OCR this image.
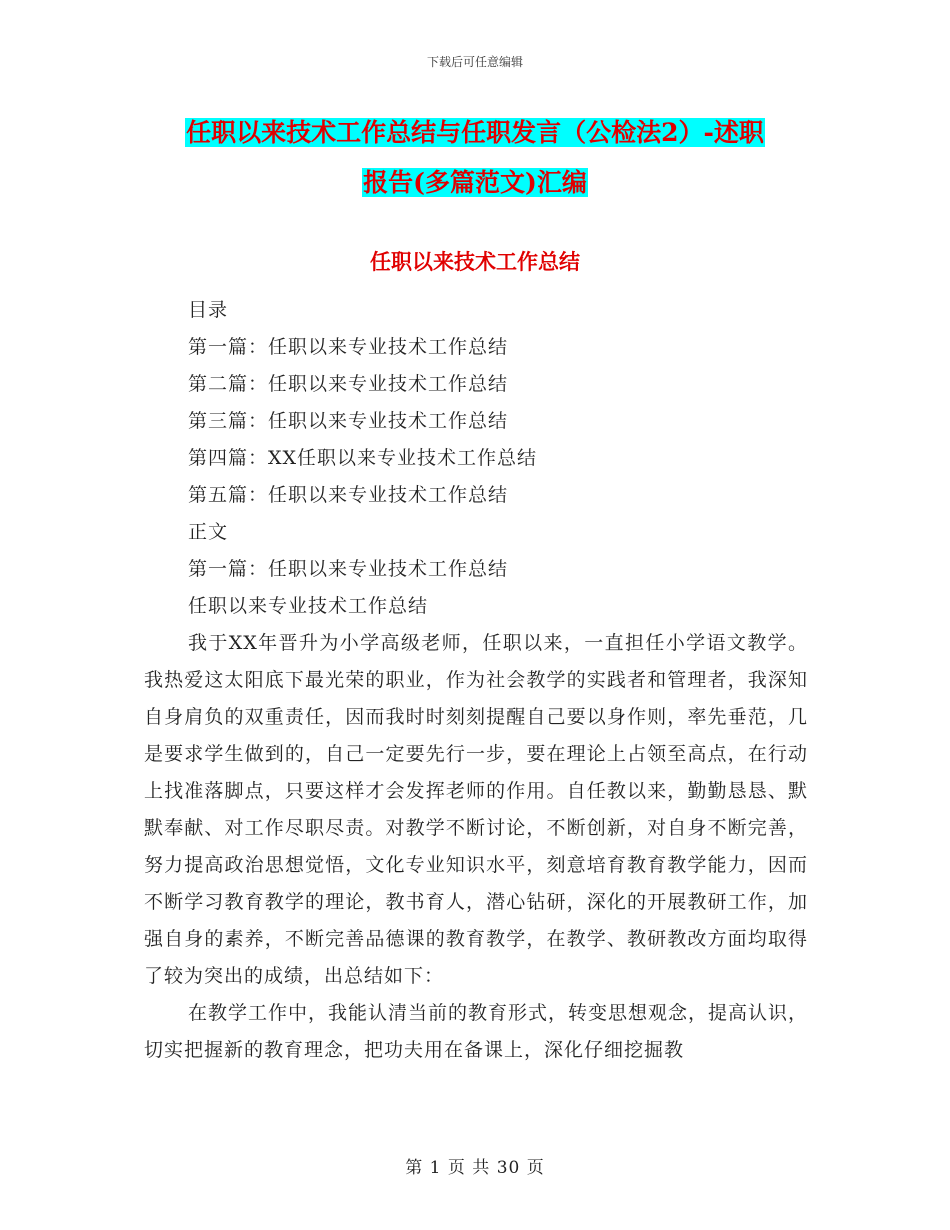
下载后可任意编辑
任职以来技术工作总结与任职发言（公检法2）-述职
报告(多篇范文)汇编
任职以来技术工作总结
目录
第一篇：任职以来专业技术工作总结
第二篇：任职以来专业技术工作总结
第三篇：任职以来专业技术工作总结
第四篇：XX任职以来专业技术工作总结
第五篇：任职以来专业技术工作总结
正文
第一篇：任职以来专业技术工作总结
任职以来专业技术工作总结

我于XX年晋升为小学高级老师，任职以来，一直担任小学语文教学。我热爱这太阳底下最光荣的职业，作为社会教学的实践者和管理者，我深知自身肩负的双重责任，因而我时时刻刻提醒自己要以身作则，率先垂范，几是要求学生做到的，自己一定要先行一步，要在理论上占领至高点，在行动上找准落脚点，只要这样才会发挥老师的作用。自任教以来，勤勤恳恳、默默奉献、对工作尽职尽责。对教学不断讨论，不断创新，对自身不断完善，努力提高政治思想觉悟，文化专业知识水平，刻意培育教育教学能力，因而不断学习教育教学的理论，教书育人，潜心钻研，深化的开展教研工作，加强自身的素养，不断完善品德课的教育教学，在教学、教研教改方面均取得了较为突出的成绩，出总结如下：

在教学工作中，我能认清当前的教育形式，转变思想观念，提高认识，切实把握新的教育理念，把功夫用在备课上，深化仔细挖掘教

第 1 页 共 30 页
